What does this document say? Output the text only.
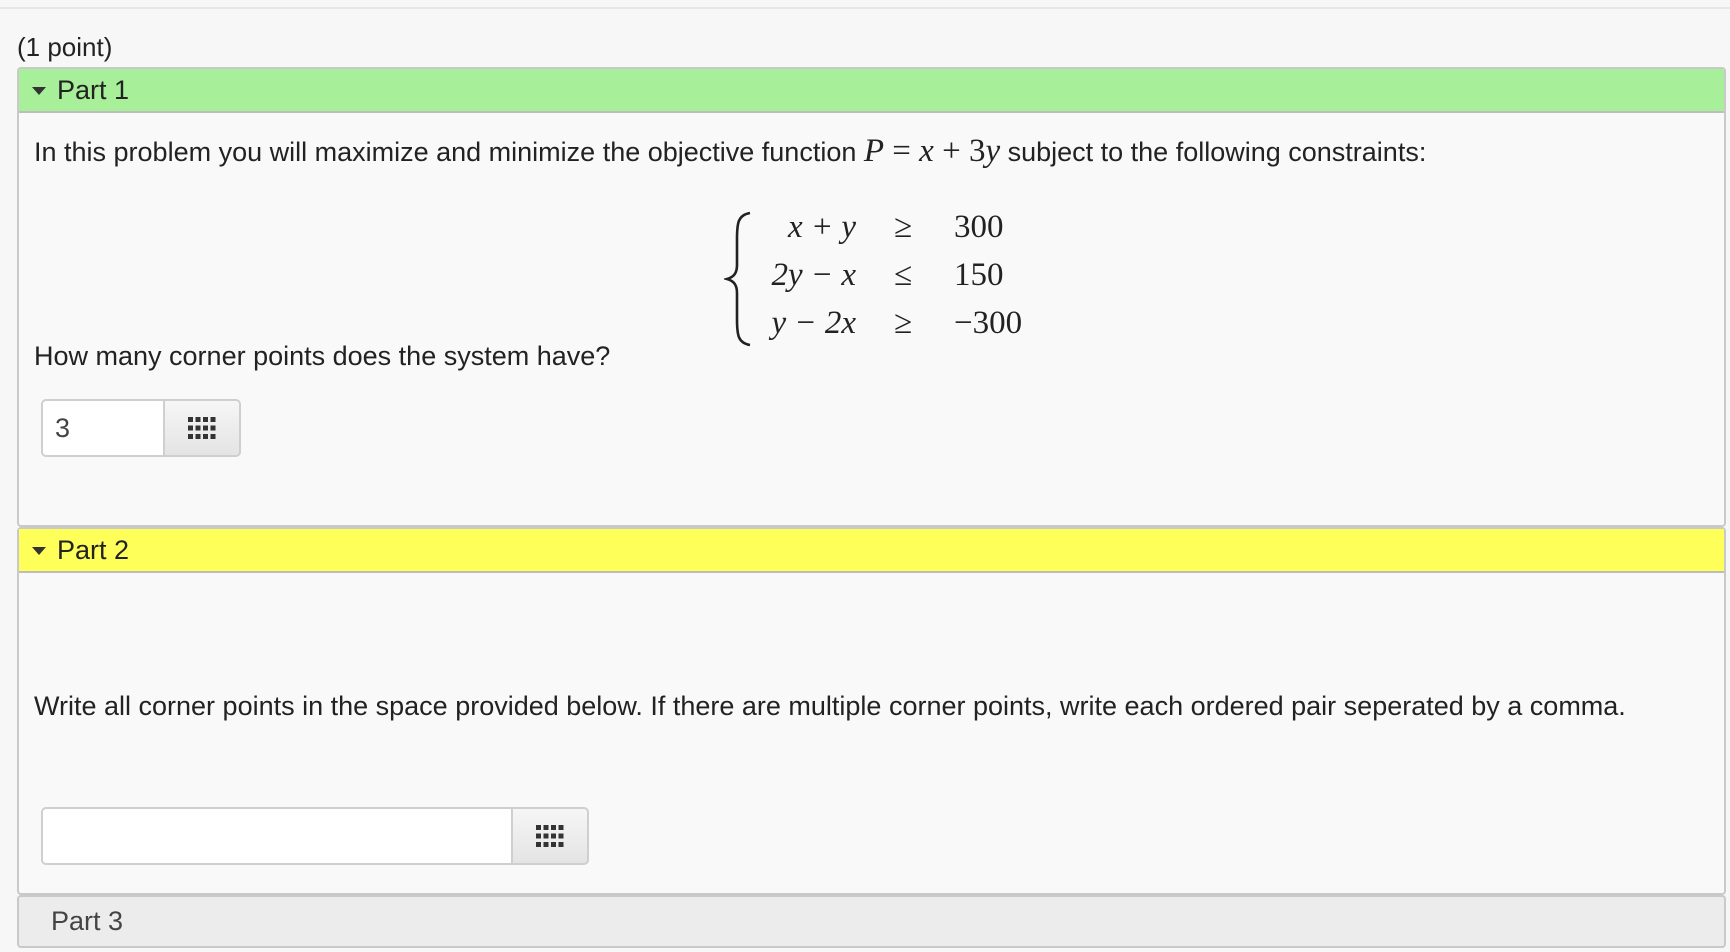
(1 point)
Part 1
In this problem you will maximize and minimize the objective function P = x + 3y subject to the following constraints:
x + y ≥ 300
2y − x ≤ 150
y − 2x ≥ −300
How many corner points does the system have?
3
Part 2
Write all corner points in the space provided below. If there are multiple corner points, write each ordered pair seperated by a comma.
Part 3
